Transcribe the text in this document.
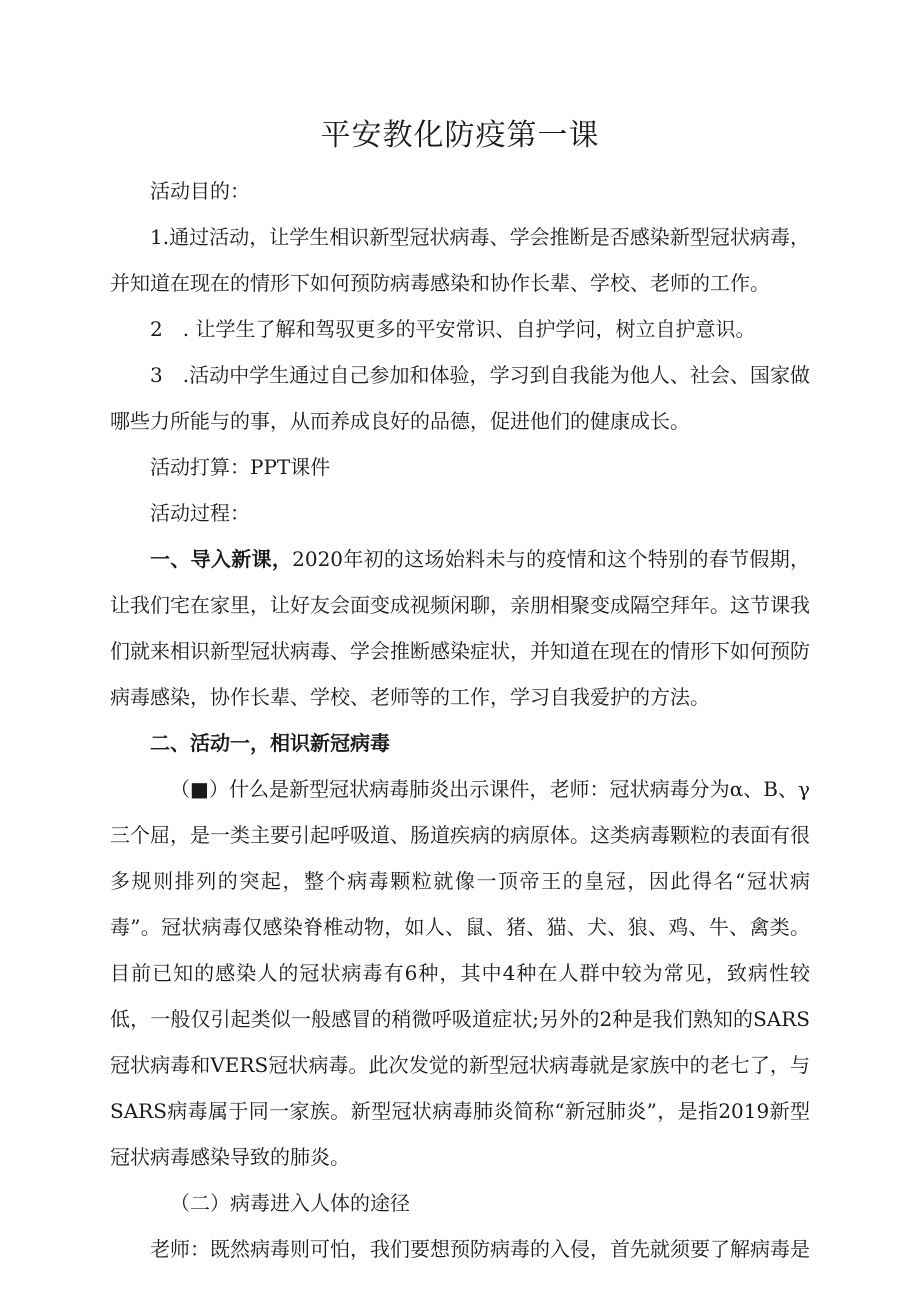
平安教化防疫第一课

活动目的：

1.通过活动，让学生相识新型冠状病毒、学会推断是否感染新型冠状病毒，并知道在现在的情形下如何预防病毒感染和协作长辈、学校、老师的工作。

2　. 让学生了解和驾驭更多的平安常识、自护学问，树立自护意识。

3　.活动中学生通过自己参加和体验，学习到自我能为他人、社会、国家做哪些力所能与的事，从而养成良好的品德，促进他们的健康成长。

活动打算：PPT课件

活动过程：

一、导入新课，2020年初的这场始料未与的疫情和这个特别的春节假期，让我们宅在家里，让好友会面变成视频闲聊，亲朋相聚变成隔空拜年。这节课我们就来相识新型冠状病毒、学会推断感染症状，并知道在现在的情形下如何预防病毒感染，协作长辈、学校、老师等的工作，学习自我爱护的方法。

二、活动一，相识新冠病毒

（■）什么是新型冠状病毒肺炎出示课件，老师：冠状病毒分为α、Β、γ三个屈，是一类主要引起呼吸道、肠道疾病的病原体。这类病毒颗粒的表面有很多规则排列的突起，整个病毒颗粒就像一顶帝王的皇冠，因此得名“冠状病毒”。冠状病毒仅感染脊椎动物，如人、鼠、猪、猫、犬、狼、鸡、牛、禽类。目前已知的感染人的冠状病毒有6种，其中4种在人群中较为常见，致病性较低，一般仅引起类似一般感冒的稍微呼吸道症状;另外的2种是我们熟知的SARS冠状病毒和VERS冠状病毒。此次发觉的新型冠状病毒就是家族中的老七了，与SARS病毒属于同一家族。新型冠状病毒肺炎简称“新冠肺炎”，是指2019新型冠状病毒感染导致的肺炎。

（二）病毒进入人体的途径

老师：既然病毒则可怕，我们要想预防病毒的入侵，首先就须要了解病毒是
